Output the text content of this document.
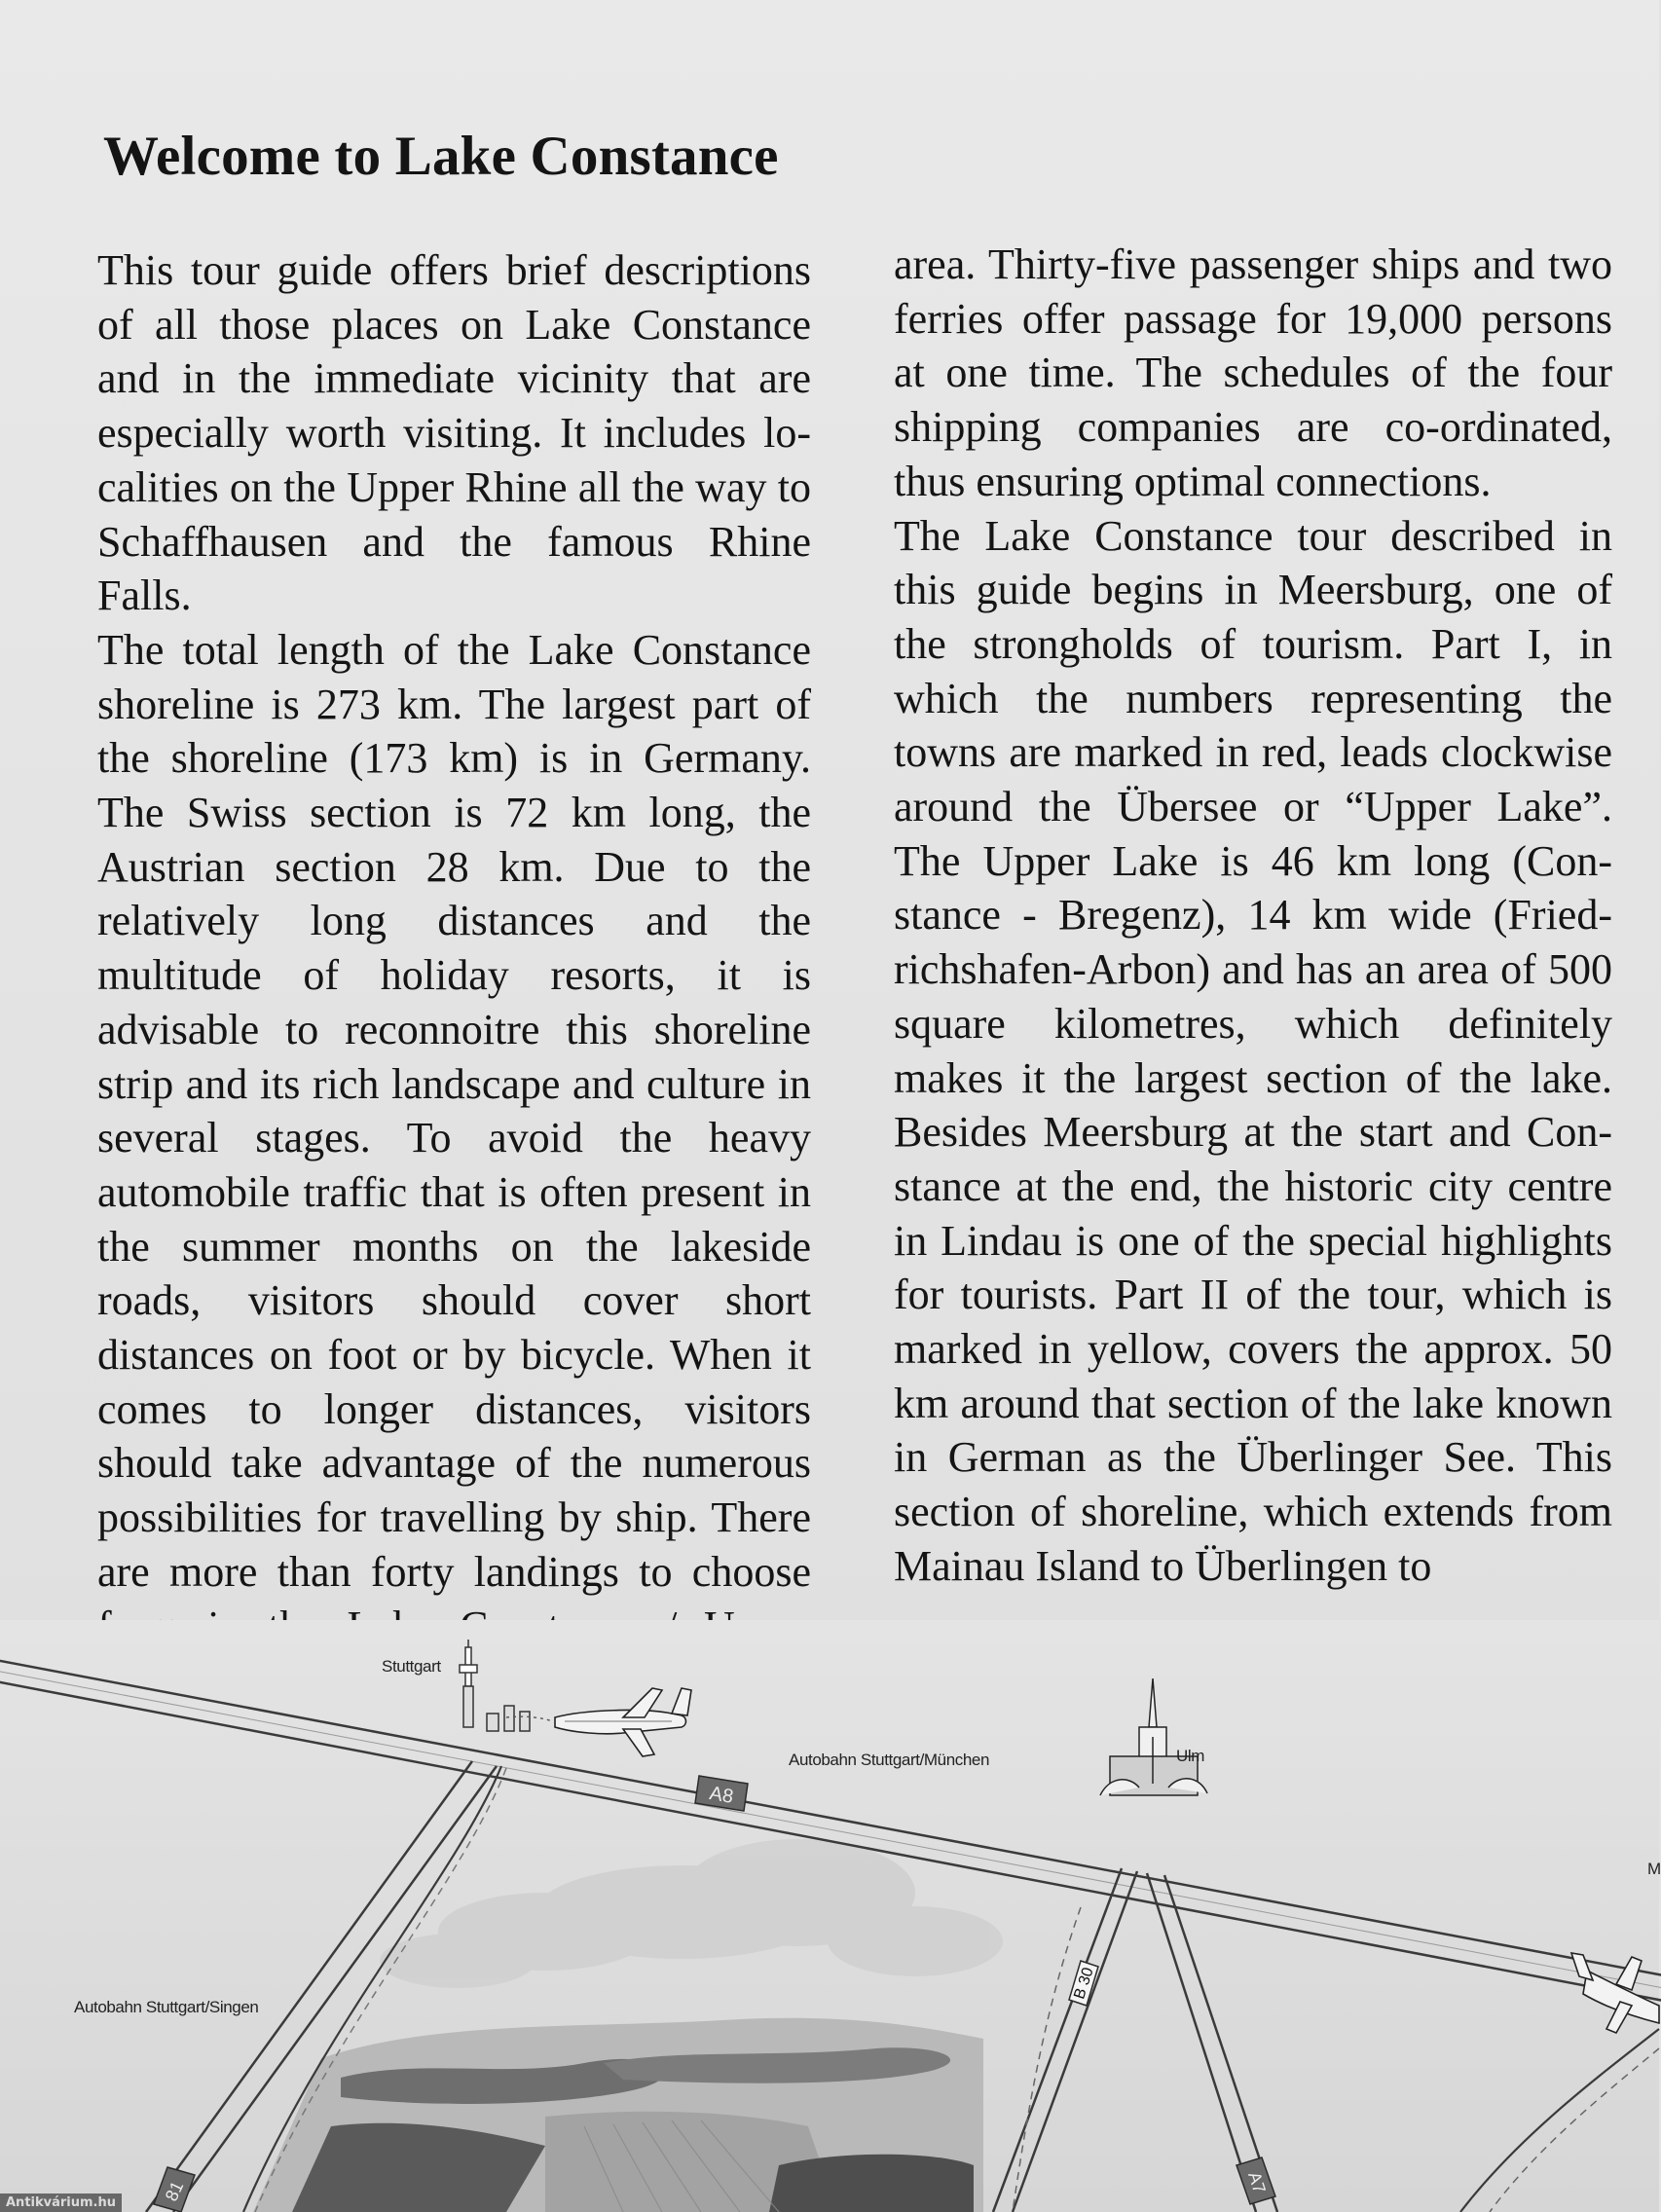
Welcome to Lake Constance

This tour guide offers brief descriptions of all those places on Lake Constance and in the immediate vicinity that are especially worth visiting. It includes localities on the Upper Rhine all the way to Schaffhausen and the famous Rhine Falls.

The total length of the Lake Constance shoreline is 273 km. The largest part of the shoreline (173 km) is in Germany. The Swiss section is 72 km long, the Austrian section 28 km. Due to the relatively long distances and the multitude of holiday resorts, it is advisable to reconnoitre this shoreline strip and its rich landscape and culture in several stages. To avoid the heavy automobile traffic that is often present in the summer months on the lakeside roads, visitors should cover short distances on foot or by bicycle. When it comes to longer distances, visitors should take advantage of the numerous possibilities for travelling by ship. There are more than forty landings to choose

area. Thirty-five passenger ships and two ferries offer passage for 19,000 persons at one time. The schedules of the four shipping companies are co-ordinated, thus ensuring optimal connections.

The Lake Constance tour described in this guide begins in Meersburg, one of the strongholds of tourism. Part I, in which the numbers representing the towns are marked in red, leads clockwise around the Übersee or “Upper Lake”. The Upper Lake is 46 km long (Constance - Bregenz), 14 km wide (Friedrichshafen-Arbon) and has an area of 500 square kilometres, which definitely makes it the largest section of the lake. Besides Meersburg at the start and Constance at the end, the historic city centre in Lindau is one of the special highlights for tourists. Part II of the tour, which is marked in yellow, covers the approx. 50 km around that section of the lake known in German as the Überlinger See. This section of shoreline, which extends from Mainau Island to Überlingen to

A8
B 30
A7
81
Stuttgart
Ulm
Autobahn Stuttgart/München
Autobahn Stuttgart/Singen
M
Antikvárium.hu
